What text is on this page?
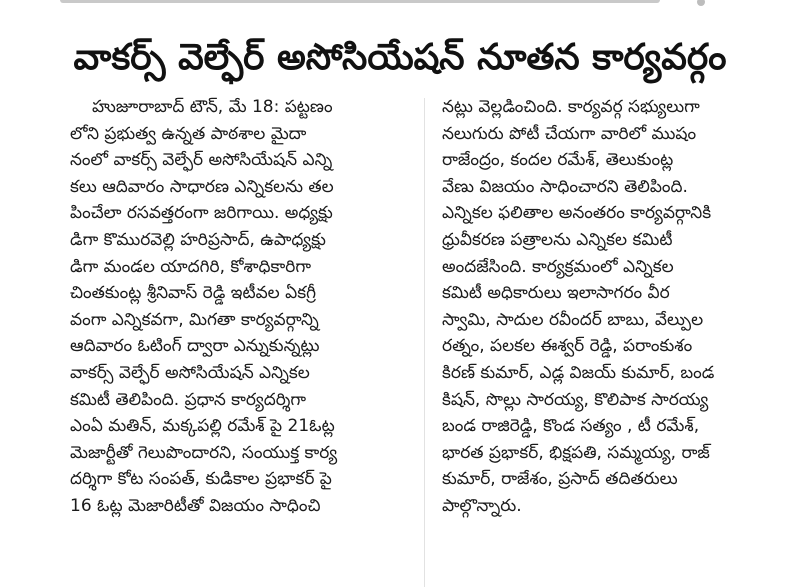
వాకర్స్ వెల్ఫేర్ అసోసియేషన్ నూతన కార్యవర్గం
హుజూరాబాద్ టౌన్, మే 18: పట్టణం
లోని ప్రభుత్వ ఉన్నత పాఠశాల మైదా
నంలో వాకర్స్ వెల్ఫేర్ అసోసియేషన్ ఎన్ని
కలు ఆదివారం సాధారణ ఎన్నికలను తల
పించేలా రసవత్తరంగా జరిగాయి. అధ్యక్షు
డిగా కొమురవెల్లి హరిప్రసాద్, ఉపాధ్యక్షు
డిగా మండల యాదగిరి, కోశాధికారిగా
చింతకుంట్ల శ్రీనివాస్ రెడ్డి ఇటీవల ఏకగ్రీ
వంగా ఎన్నికవగా, మిగతా కార్యవర్గాన్ని
ఆదివారం ఓటింగ్ ద్వారా ఎన్నుకున్నట్లు
వాకర్స్ వెల్ఫేర్ అసోసియేషన్ ఎన్నికల
కమిటీ తెలిపింది. ప్రధాన కార్యదర్శిగా
ఎంఏ మతిన్, మక్కపల్లి రమేశ్ పై 21ఓట్ల
మెజార్టీతో గెలుపొందారని, సంయుక్త కార్య
దర్శిగా కోట సంపత్, కుడికాల ప్రభాకర్ పై
16 ఓట్ల మెజారిటీతో విజయం సాధించి
నట్లు వెల్లడించింది. కార్యవర్గ సభ్యులుగా
నలుగురు పోటీ చేయగా వారిలో ముషం
రాజేంద్రం, కందల రమేశ్, తెలుకుంట్ల
వేణు విజయం సాధించారని తెలిపింది.
ఎన్నికల ఫలితాల అనంతరం కార్యవర్గానికి
ధ్రువీకరణ పత్రాలను ఎన్నికల కమిటీ
అందజేసింది. కార్యక్రమంలో ఎన్నికల
కమిటీ అధికారులు ఇలాసాగరం వీర
స్వామి, సాదుల రవీందర్ బాబు, వేల్పుల
రత్నం, పలకల ఈశ్వర్ రెడ్డి, పరాంకుశం
కిరణ్ కుమార్, ఎడ్ల విజయ్ కుమార్, బండ
కిషన్, సొల్లు సారయ్య, కొలిపాక సారయ్య
బండ రాజిరెడ్డి, కొండ సత్యం , టీ రమేశ్,
భారత ప్రభాకర్, భిక్షపతి, సమ్మయ్య, రాజ్
కుమార్, రాజేశం, ప్రసాద్ తదితరులు
పాల్గొన్నారు.
